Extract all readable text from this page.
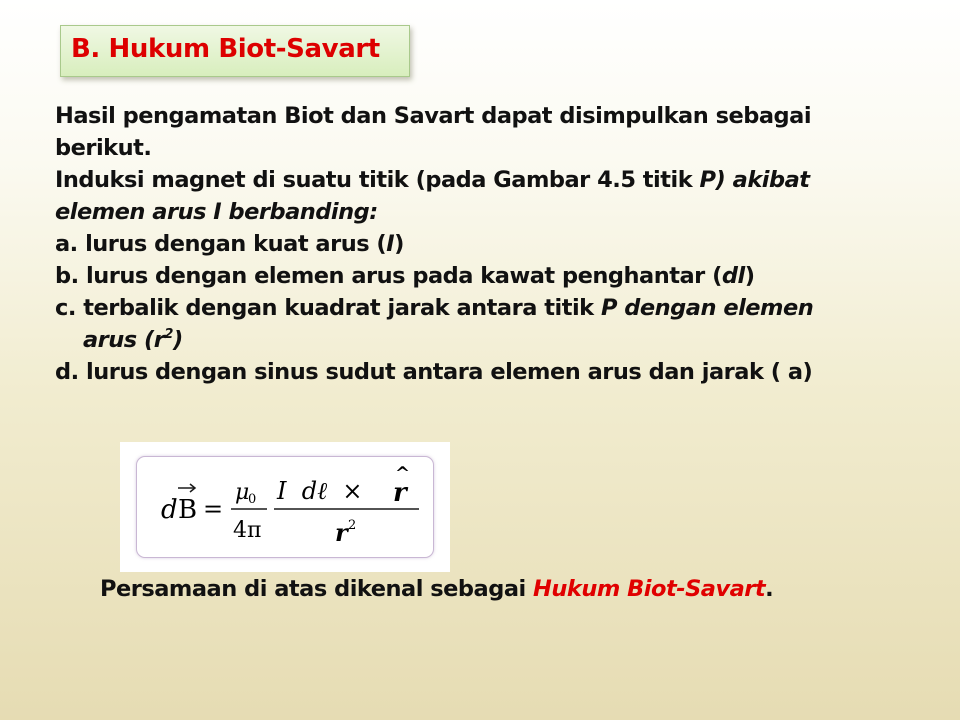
B. Hukum Biot-Savart
Hasil pengamatan Biot dan Savart dapat disimpulkan sebagai
berikut.
Induksi magnet di suatu titik (pada Gambar 4.5 titik P) akibat
elemen arus I berbanding:
a. lurus dengan kuat arus (I)
b. lurus dengan elemen arus pada kawat penghantar (dl)
c. terbalik dengan kuadrat jarak antara titik P dengan elemen
arus $(r^2)$
d. lurus dengan sinus sudut antara elemen arus dan jarak ( a)
d B =
μ
0
4π
I  dℓ  ×
^
r
r 2
Persamaan di atas dikenal sebagai Hukum Biot-Savart.
